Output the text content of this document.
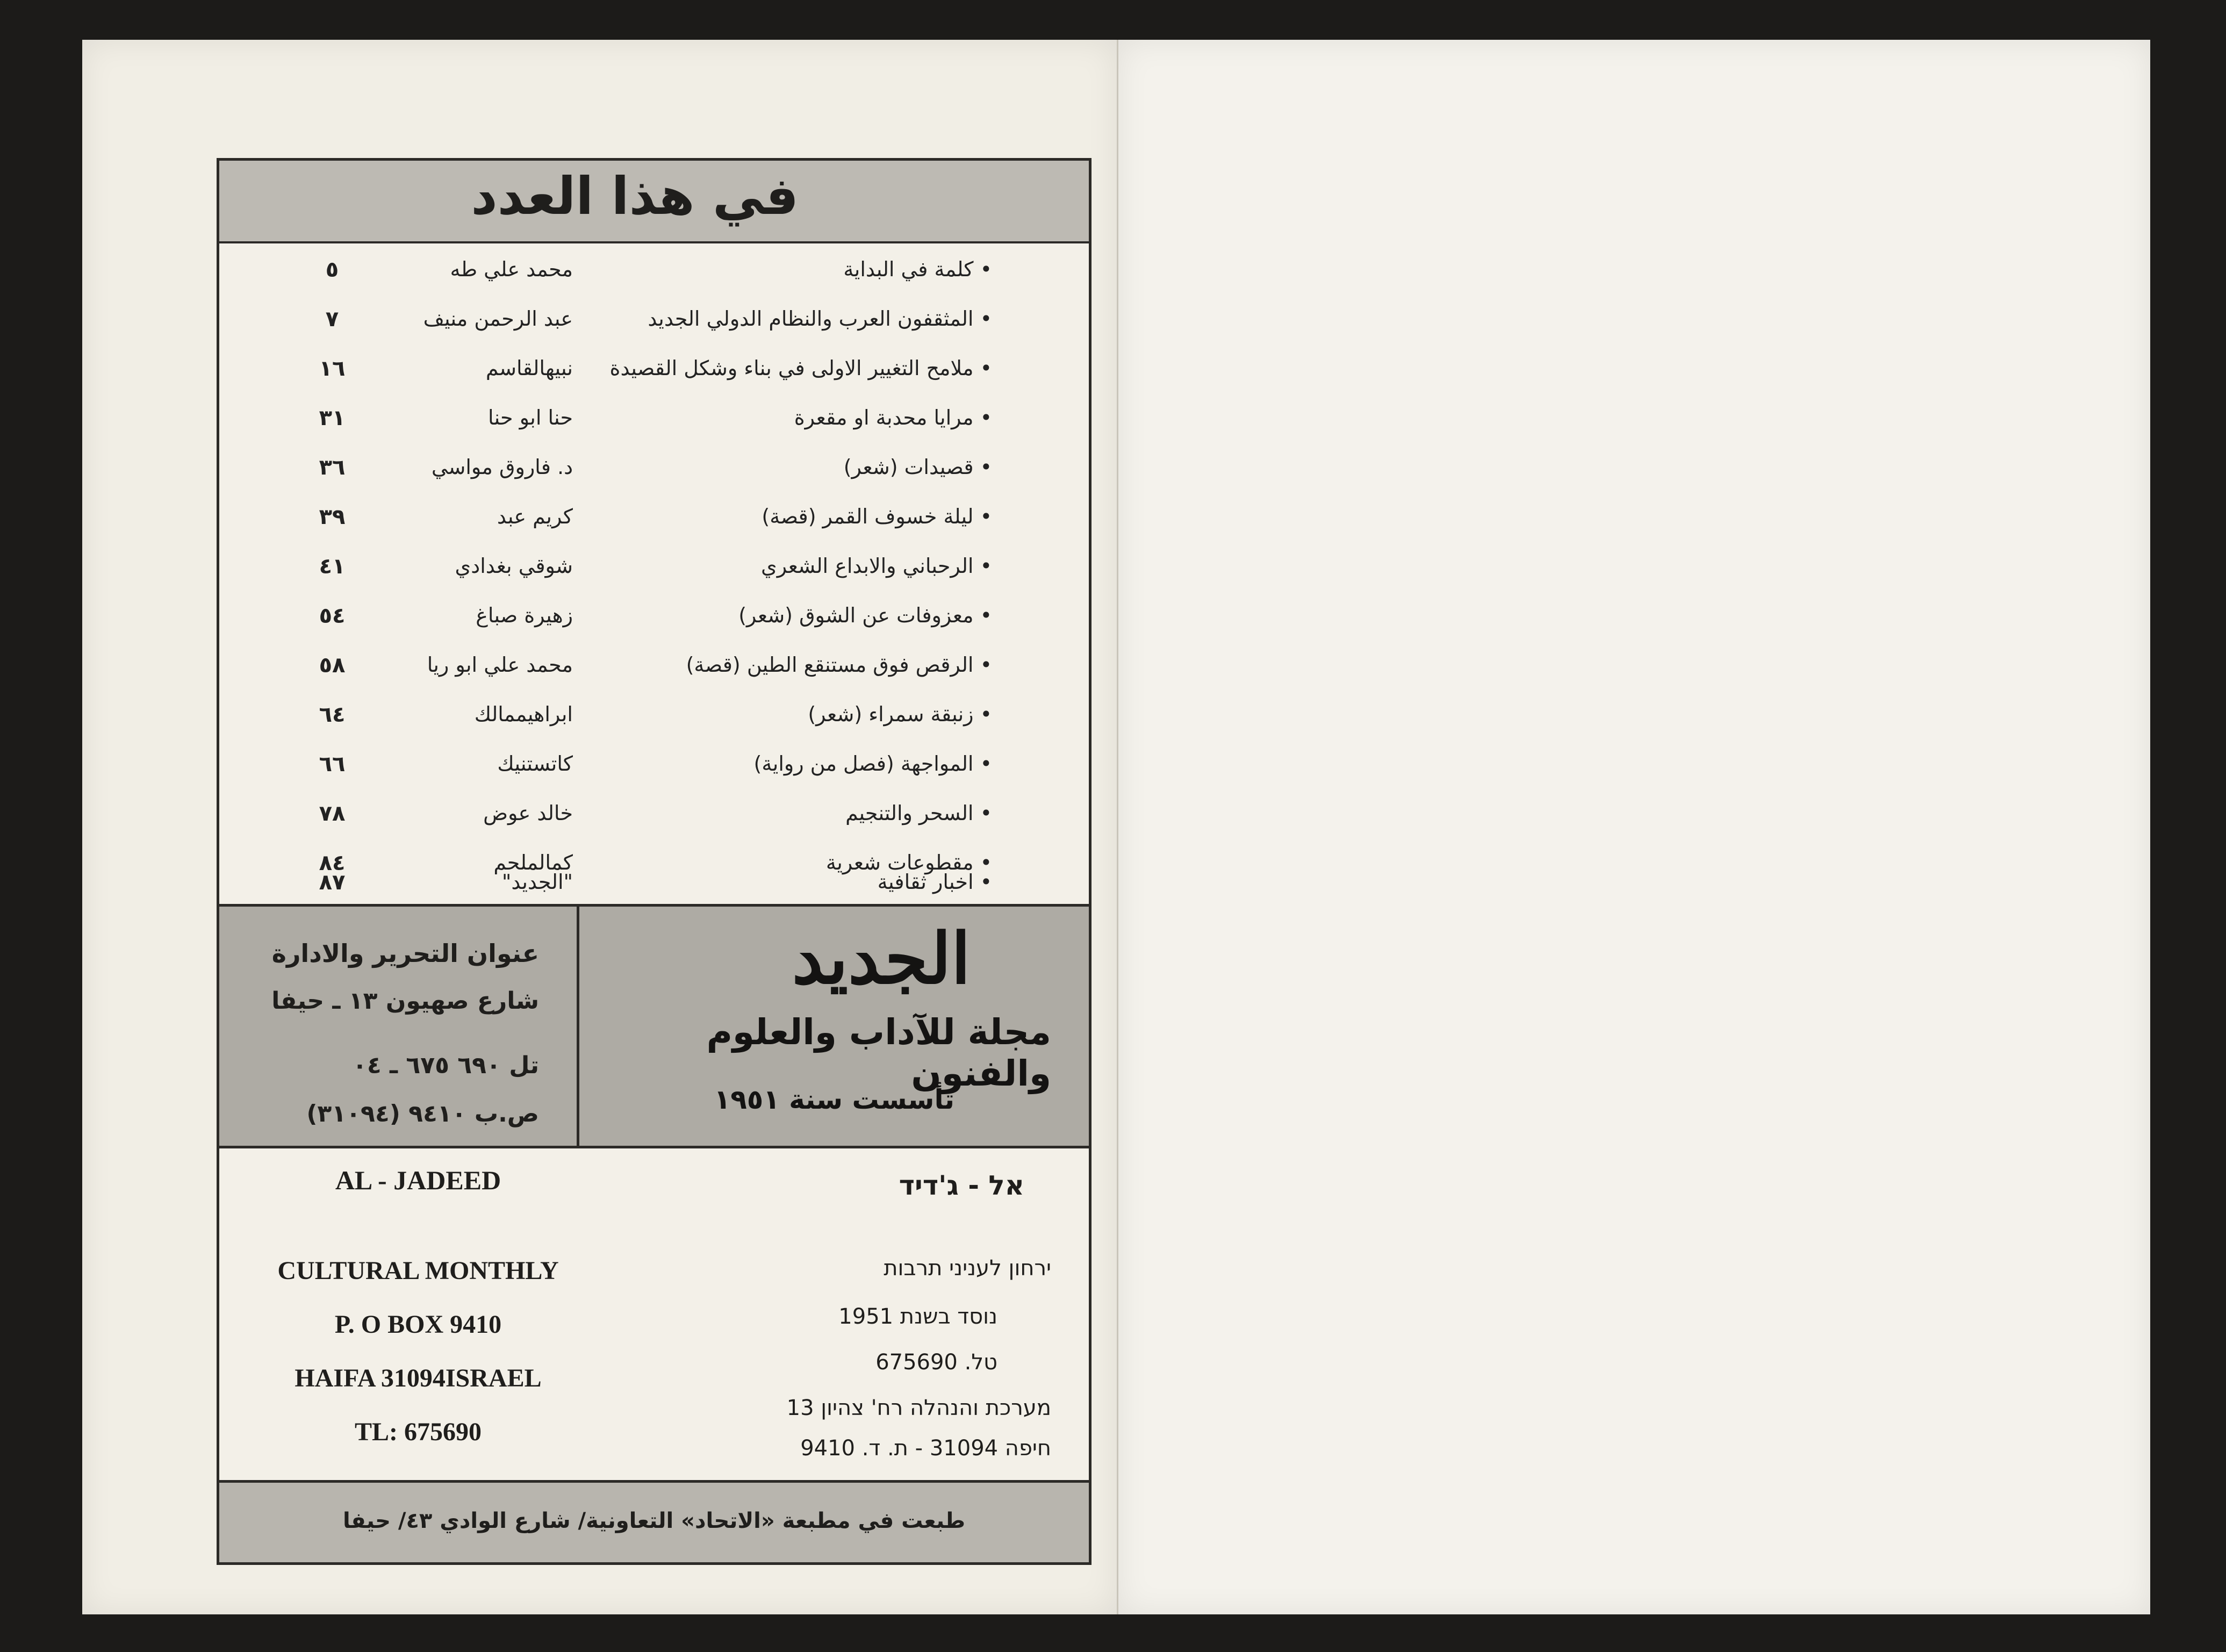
في هذا العدد
• كلمة في البداية
محمد علي طه
٥
• المثقفون العرب والنظام الدولي الجديد
عبد الرحمن منيف
٧
• ملامح التغيير الاولى في بناء وشكل القصيدة
نبيهالقاسم
١٦
• مرايا محدبة او مقعرة
حنا ابو حنا
٣١
• قصيدات (شعر)
د. فاروق مواسي
٣٦
• ليلة خسوف القمر (قصة)
كريم عبد
٣٩
• الرحباني والابداع الشعري
شوقي بغدادي
٤١
• معزوفات عن الشوق (شعر)
زهيرة صباغ
٥٤
• الرقص فوق مستنقع الطين (قصة)
محمد علي ابو ريا
٥٨
• زنبقة سمراء (شعر)
ابراهيممالك
٦٤
• المواجهة (فصل من رواية)
كاتستنيك
٦٦
• السحر والتنجيم
خالد عوض
٧٨
• مقطوعات شعرية
كمالملحم
٨٤
• اخبار ثقافية
"الجديد"
٨٧
عنوان التحرير والادارة
شارع صهيون ١٣ ـ حيفا
تل ٦٩٠ ٦٧٥ ـ ٠٤
ص.ب ٩٤١٠ (٣١٠٩٤)
الجديد
مجلة للآداب والعلوم والفنون
تأسست سنة ١٩٥١
AL - JADEED
CULTURAL MONTHLY
P. O BOX 9410
HAIFA 31094ISRAEL
TL: 675690
אל - ג'דיד
ירחון לעניני תרבות
נוסד בשנת 1951
טל. 675690
מערכת והנהלה רח' צהיון 13
חיפה 31094 - ת. ד. 9410
طبعت في مطبعة «الاتحاد» التعاونية/ شارع الوادي ٤٣/ حيفا
